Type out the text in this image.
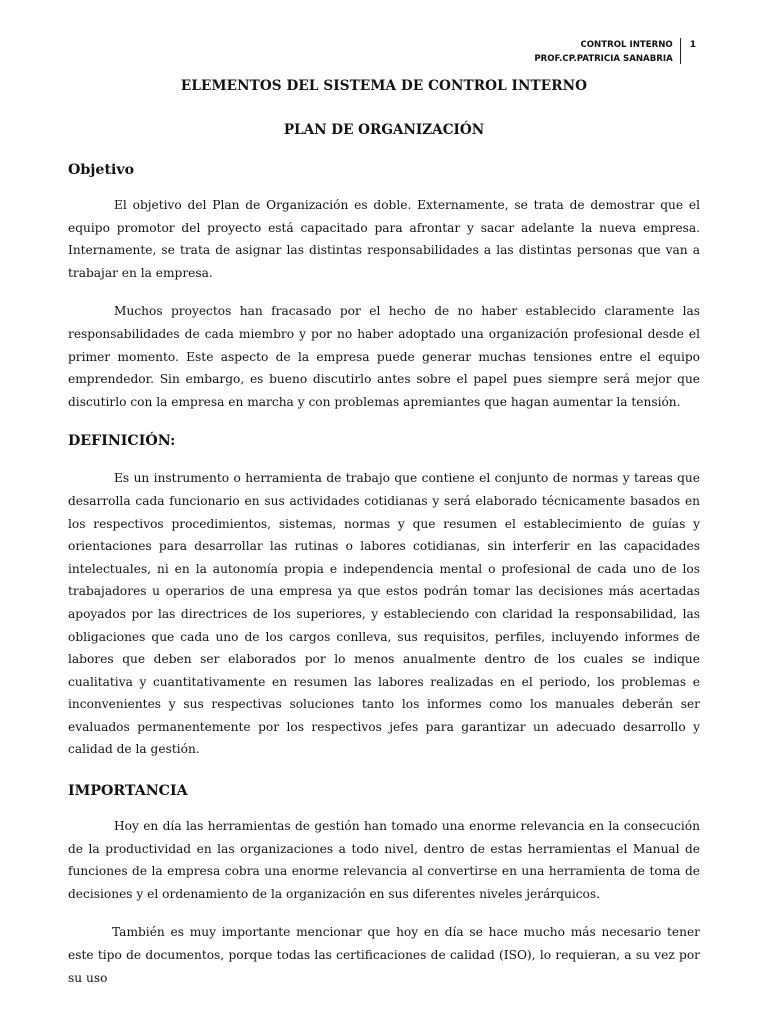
CONTROL INTERNO
PROF.CP.PATRICIA SANABRIA
1
ELEMENTOS DEL SISTEMA DE CONTROL INTERNO
PLAN DE ORGANIZACIÓN
Objetivo

El objetivo del Plan de Organización es doble. Externamente, se trata de demostrar que el equipo promotor del proyecto está capacitado para afrontar y sacar adelante la nueva empresa. Internamente, se trata de asignar las distintas responsabilidades a las distintas personas que van a trabajar en la empresa.

Muchos proyectos han fracasado por el hecho de no haber establecido claramente las responsabilidades de cada miembro y por no haber adoptado una organización profesional desde el primer momento. Este aspecto de la empresa puede generar muchas tensiones entre el equipo emprendedor. Sin embargo, es bueno discutirlo antes sobre el papel pues siempre será mejor que discutirlo con la empresa en marcha y con problemas apremiantes que hagan aumentar la tensión.

DEFINICIÓN:

Es un instrumento o herramienta de trabajo que contiene el conjunto de normas y tareas que desarrolla cada funcionario en sus actividades cotidianas y será elaborado técnicamente basados en los respectivos procedimientos, sistemas, normas y que resumen el establecimiento de guías y orientaciones para desarrollar las rutinas o labores cotidianas, sin interferir en las capacidades intelectuales, ni en la autonomía propia e independencia mental o profesional de cada uno de los trabajadores u operarios de una empresa ya que estos podrán tomar las decisiones más acertadas apoyados por las directrices de los superiores, y estableciendo con claridad la responsabilidad, las obligaciones que cada uno de los cargos conlleva, sus requisitos, perfiles, incluyendo informes de labores que deben ser elaborados por lo menos anualmente dentro de los cuales se indique cualitativa y cuantitativamente en resumen las labores realizadas en el periodo, los problemas e inconvenientes y sus respectivas soluciones tanto los informes como los manuales deberán ser evaluados permanentemente por los respectivos jefes para garantizar un adecuado desarrollo y calidad de la gestión.

IMPORTANCIA

Hoy en día las herramientas de gestión han tomado una enorme relevancia en la consecución de la productividad en las organizaciones a todo nivel, dentro de estas herramientas el Manual de funciones de la empresa cobra una enorme relevancia al convertirse en una herramienta de toma de decisiones y el ordenamiento de la organización en sus diferentes niveles jerárquicos.

También es muy importante mencionar que hoy en día se hace mucho más necesario tener este tipo de documentos, porque todas las certificaciones de calidad (ISO), lo requieran, a su vez por su uso
